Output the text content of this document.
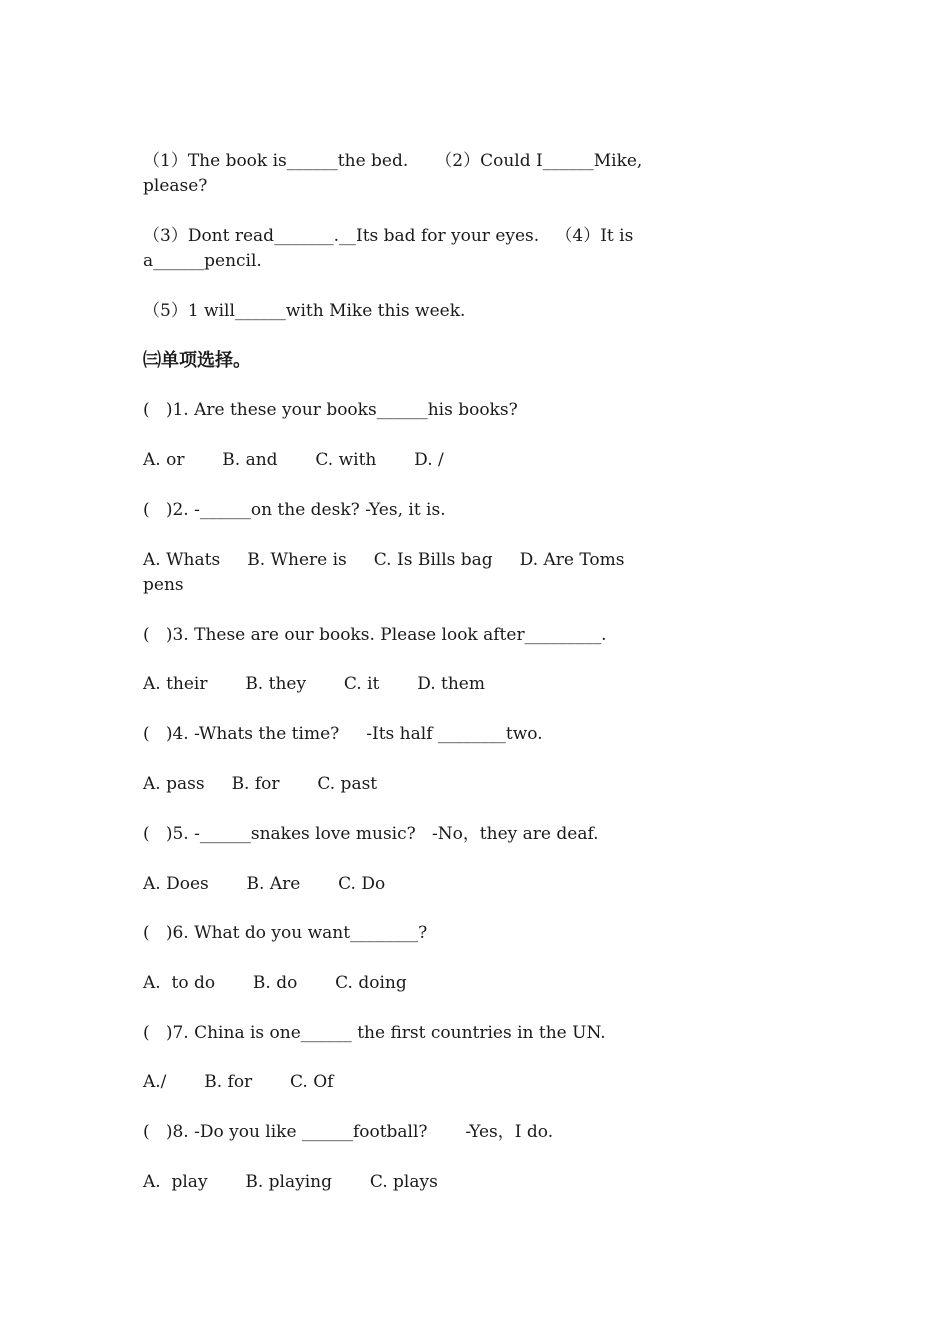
（1）The book is______the bed.     （2）Could I______Mike,

please?

（3）Dont read_______.__Its bad for your eyes.   （4）It is

a______pencil.

（5）1 will______with Mike this week.

㈢单项选择。

(   )1. Are these your books______his books?

A. or       B. and       C. with       D. /

(   )2. -______on the desk? -Yes, it is.

A. Whats     B. Where is     C. Is Bills bag     D. Are Toms

pens

(   )3. These are our books. Please look after_________.

A. their       B. they       C. it       D. them

(   )4. -Whats the time?     -Its half ________two.

A. pass     B. for       C. past

(   )5. -______snakes love music?   -No，they are deaf.

A. Does       B. Are       C. Do

(   )6. What do you want________?

A.  to do       B. do       C. doing

(   )7. China is one______ the first countries in the UN.

A./       B. for       C. Of

(   )8. -Do you like ______football?       -Yes，I do.

A.  play       B. playing       C. plays
